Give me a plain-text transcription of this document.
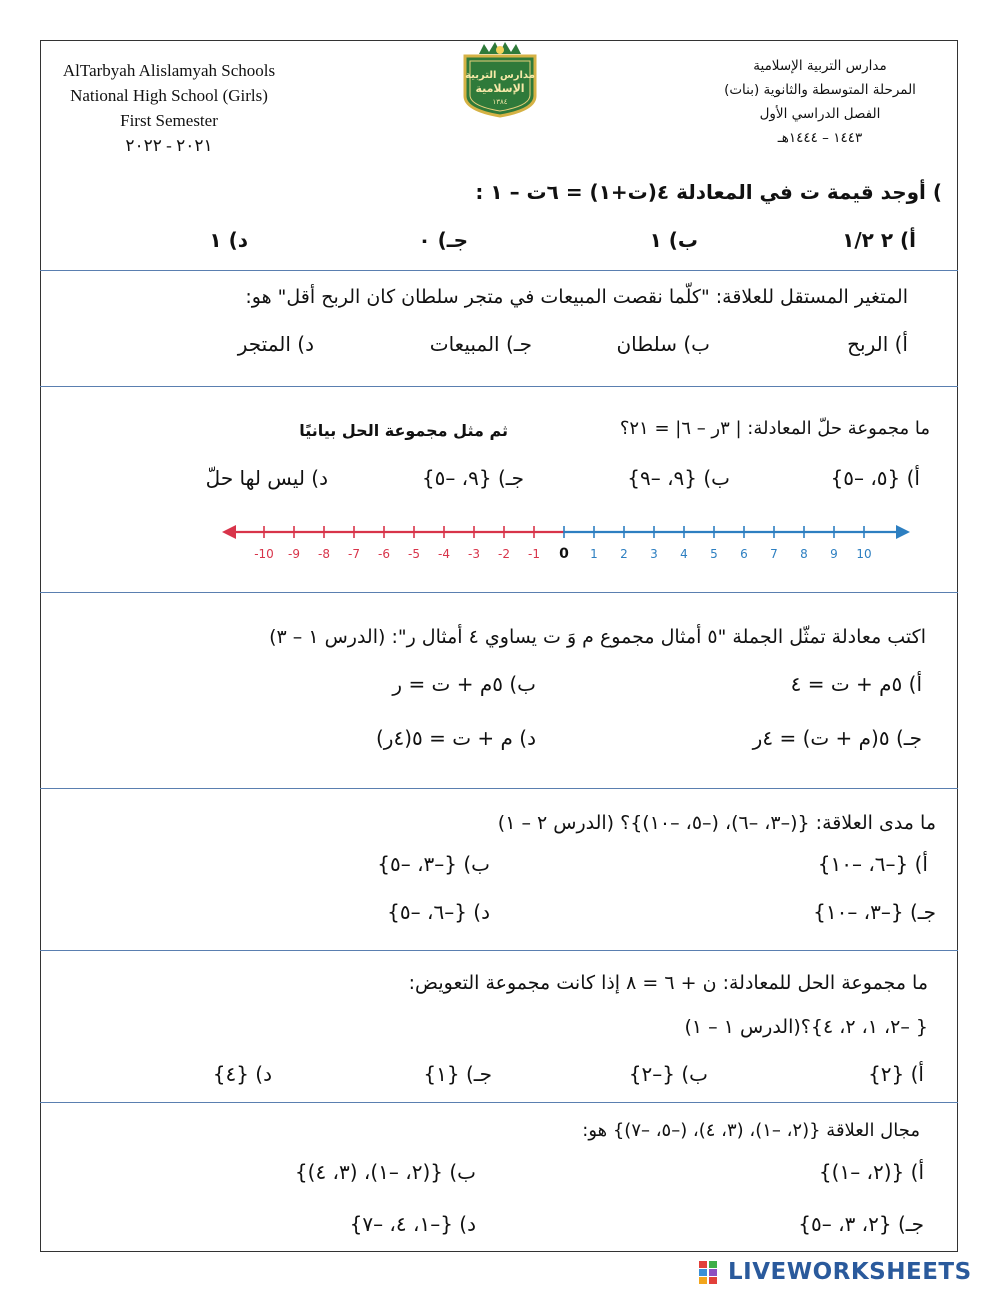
AlTarbyah Alislamyah Schools
National High School (Girls)
First Semester
٢٠٢١ - ٢٠٢٢
مدارس التربية
الإسلامية
١٣٨٤
مدارس التربية الإسلامية
المرحلة المتوسطة والثانوية (بنات)
الفصل الدراسي الأول
١٤٤٣ – ١٤٤٤هـ
) أوجد قيمة ت في المعادلة ٤(ت+١) = ٦ت – ١ :
أ) ٢ ١/٢
ب) ١
جـ) ٠
د) ١
المتغير المستقل للعلاقة: "كلّما نقصت المبيعات في متجر سلطان كان الربح أقل" هو:
أ) الربح
ب) سلطان
جـ) المبيعات
د) المتجر
ما مجموعة حلّ المعادلة: | ٣ر – ٦| = ٢١؟
ثم مثل مجموعة الحل بيانيًا
أ) {٥، –٥}
ب) {٩، –٩}
جـ) {٩، –٥}
د) ليس لها حلّ
-10 -9 -8 -7 -6 -5 -4 -3 -2 -1 0 1 2 3 4 5 6 7 8 9 10
اكتب معادلة تمثّل الجملة "٥ أمثال مجموع م وَ ت يساوي ٤ أمثال ر": (الدرس ١ – ٣)
أ) ٥م + ت = ٤
ب) ٥م + ت = ر
جـ) ٥(م + ت) = ٤ر
د) م + ت = ٥(٤ر)
ما مدى العلاقة: {(–٣، –٦)، (–٥، –١٠)}؟ (الدرس ٢ – ١)
أ) {–٦، –١٠}
ب) {–٣، –٥}
جـ) {–٣، –١٠}
د) {–٦، –٥}
ما مجموعة الحل للمعادلة: ن + ٦ = ٨ إذا كانت مجموعة التعويض:
{ –٢، ١، ٢، ٤}؟(الدرس ١ – ١)
أ) {٢}
ب) {–٢}
جـ) {١}
د) {٤}
مجال العلاقة {(٢، –١)، (٣، ٤)، (–٥، –٧)} هو:
أ) {(٢، –١)}
ب) {(٢، –١)، (٣، ٤)}
جـ) {٢، ٣، –٥}
د) {–١، ٤، –٧}
LIVEWORKSHEETS
